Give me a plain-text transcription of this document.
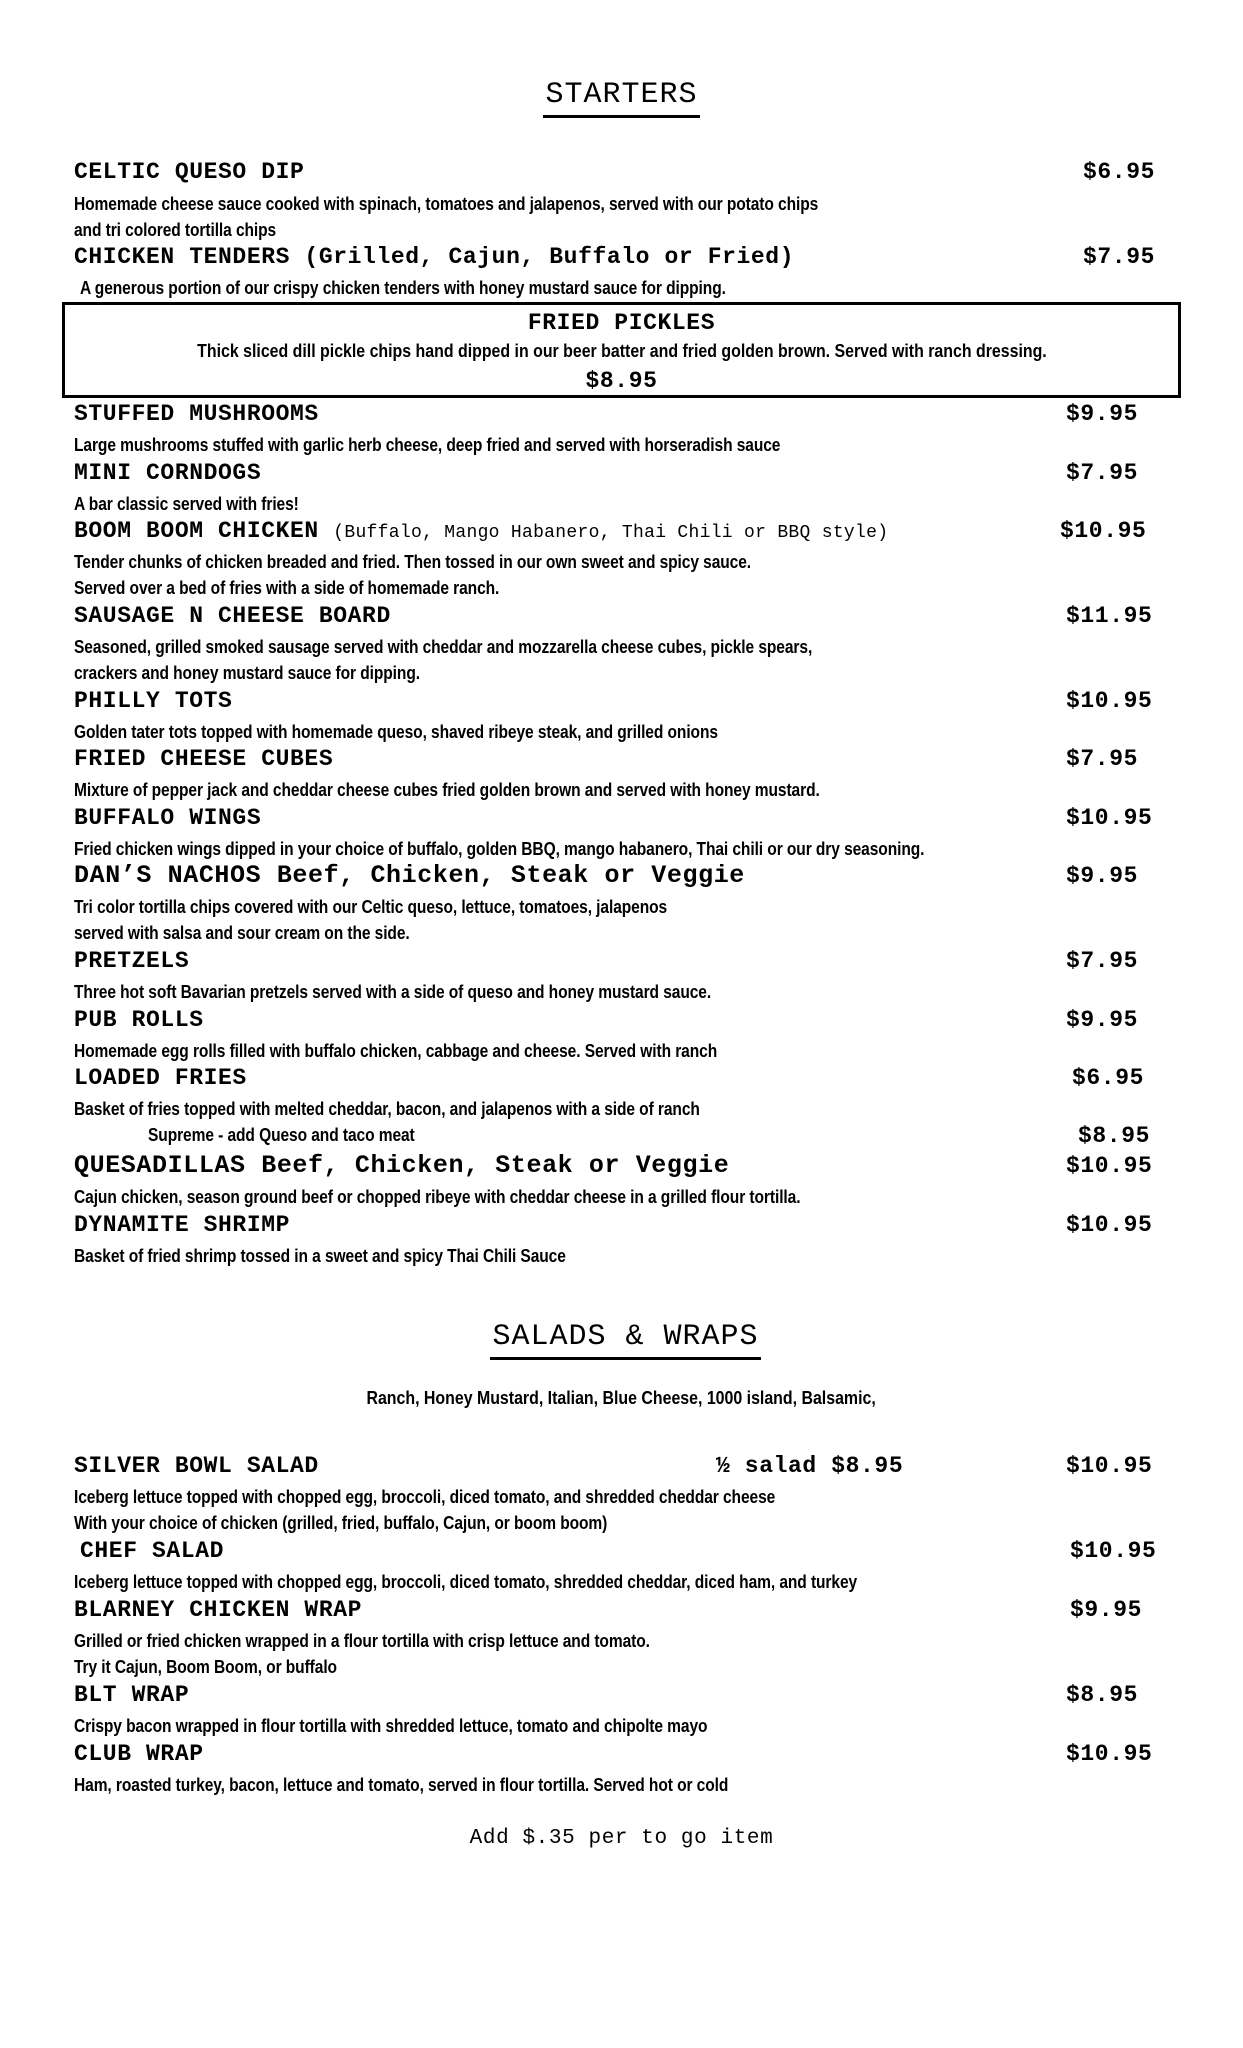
STARTERS
CELTIC QUESO DIP	$6.95
Homemade cheese sauce cooked with spinach, tomatoes and jalapenos, served with our potato chips
and tri colored tortilla chips
CHICKEN TENDERS (Grilled, Cajun, Buffalo or Fried)	$7.95
A generous portion of our crispy chicken tenders with honey mustard sauce for dipping.
FRIED PICKLES
Thick sliced dill pickle chips hand dipped in our beer batter and fried golden brown. Served with ranch dressing.
$8.95
STUFFED MUSHROOMS	$9.95
Large mushrooms stuffed with garlic herb cheese, deep fried and served with horseradish sauce
MINI CORNDOGS	$7.95
A bar classic served with fries!
BOOM BOOM CHICKEN (Buffalo, Mango Habanero, Thai Chili or BBQ style)	$10.95
Tender chunks of chicken breaded and fried. Then tossed in our own sweet and spicy sauce.
Served over a bed of fries with a side of homemade ranch.
SAUSAGE N CHEESE BOARD	$11.95
Seasoned, grilled smoked sausage served with cheddar and mozzarella cheese cubes, pickle spears,
crackers and honey mustard sauce for dipping.
PHILLY TOTS	$10.95
Golden tater tots topped with homemade queso, shaved ribeye steak, and grilled onions
FRIED CHEESE CUBES	$7.95
Mixture of pepper jack and cheddar cheese cubes fried golden brown and served with honey mustard.
BUFFALO WINGS	$10.95
Fried chicken wings dipped in your choice of buffalo, golden BBQ, mango habanero, Thai chili or our dry seasoning.
DAN’S NACHOS Beef, Chicken, Steak or Veggie	$9.95
Tri color tortilla chips covered with our Celtic queso, lettuce, tomatoes, jalapenos
served with salsa and sour cream on the side.
PRETZELS	$7.95
Three hot soft Bavarian pretzels served with a side of queso and honey mustard sauce.
PUB ROLLS	$9.95
Homemade egg rolls filled with buffalo chicken, cabbage and cheese. Served with ranch
LOADED FRIES	$6.95
Basket of fries topped with melted cheddar, bacon, and jalapenos with a side of ranch
Supreme - add Queso and taco meat	$8.95
QUESADILLAS Beef, Chicken, Steak or Veggie	$10.95
Cajun chicken, season ground beef or chopped ribeye with cheddar cheese in a grilled flour tortilla.
DYNAMITE SHRIMP	$10.95
Basket of fried shrimp tossed in a sweet and spicy Thai Chili Sauce
SALADS & WRAPS
Ranch, Honey Mustard, Italian, Blue Cheese, 1000 island, Balsamic,
SILVER BOWL SALAD	½ salad $8.95	$10.95
Iceberg lettuce topped with chopped egg, broccoli, diced tomato, and shredded cheddar cheese
With your choice of chicken (grilled, fried, buffalo, Cajun, or boom boom)
CHEF SALAD	$10.95
Iceberg lettuce topped with chopped egg, broccoli, diced tomato, shredded cheddar, diced ham, and turkey
BLARNEY CHICKEN WRAP	$9.95
Grilled or fried chicken wrapped in a flour tortilla with crisp lettuce and tomato.
Try it Cajun, Boom Boom, or buffalo
BLT WRAP	$8.95
Crispy bacon wrapped in flour tortilla with shredded lettuce, tomato and chipolte mayo
CLUB WRAP	$10.95
Ham, roasted turkey, bacon, lettuce and tomato, served in flour tortilla. Served hot or cold
Add $.35 per to go item
